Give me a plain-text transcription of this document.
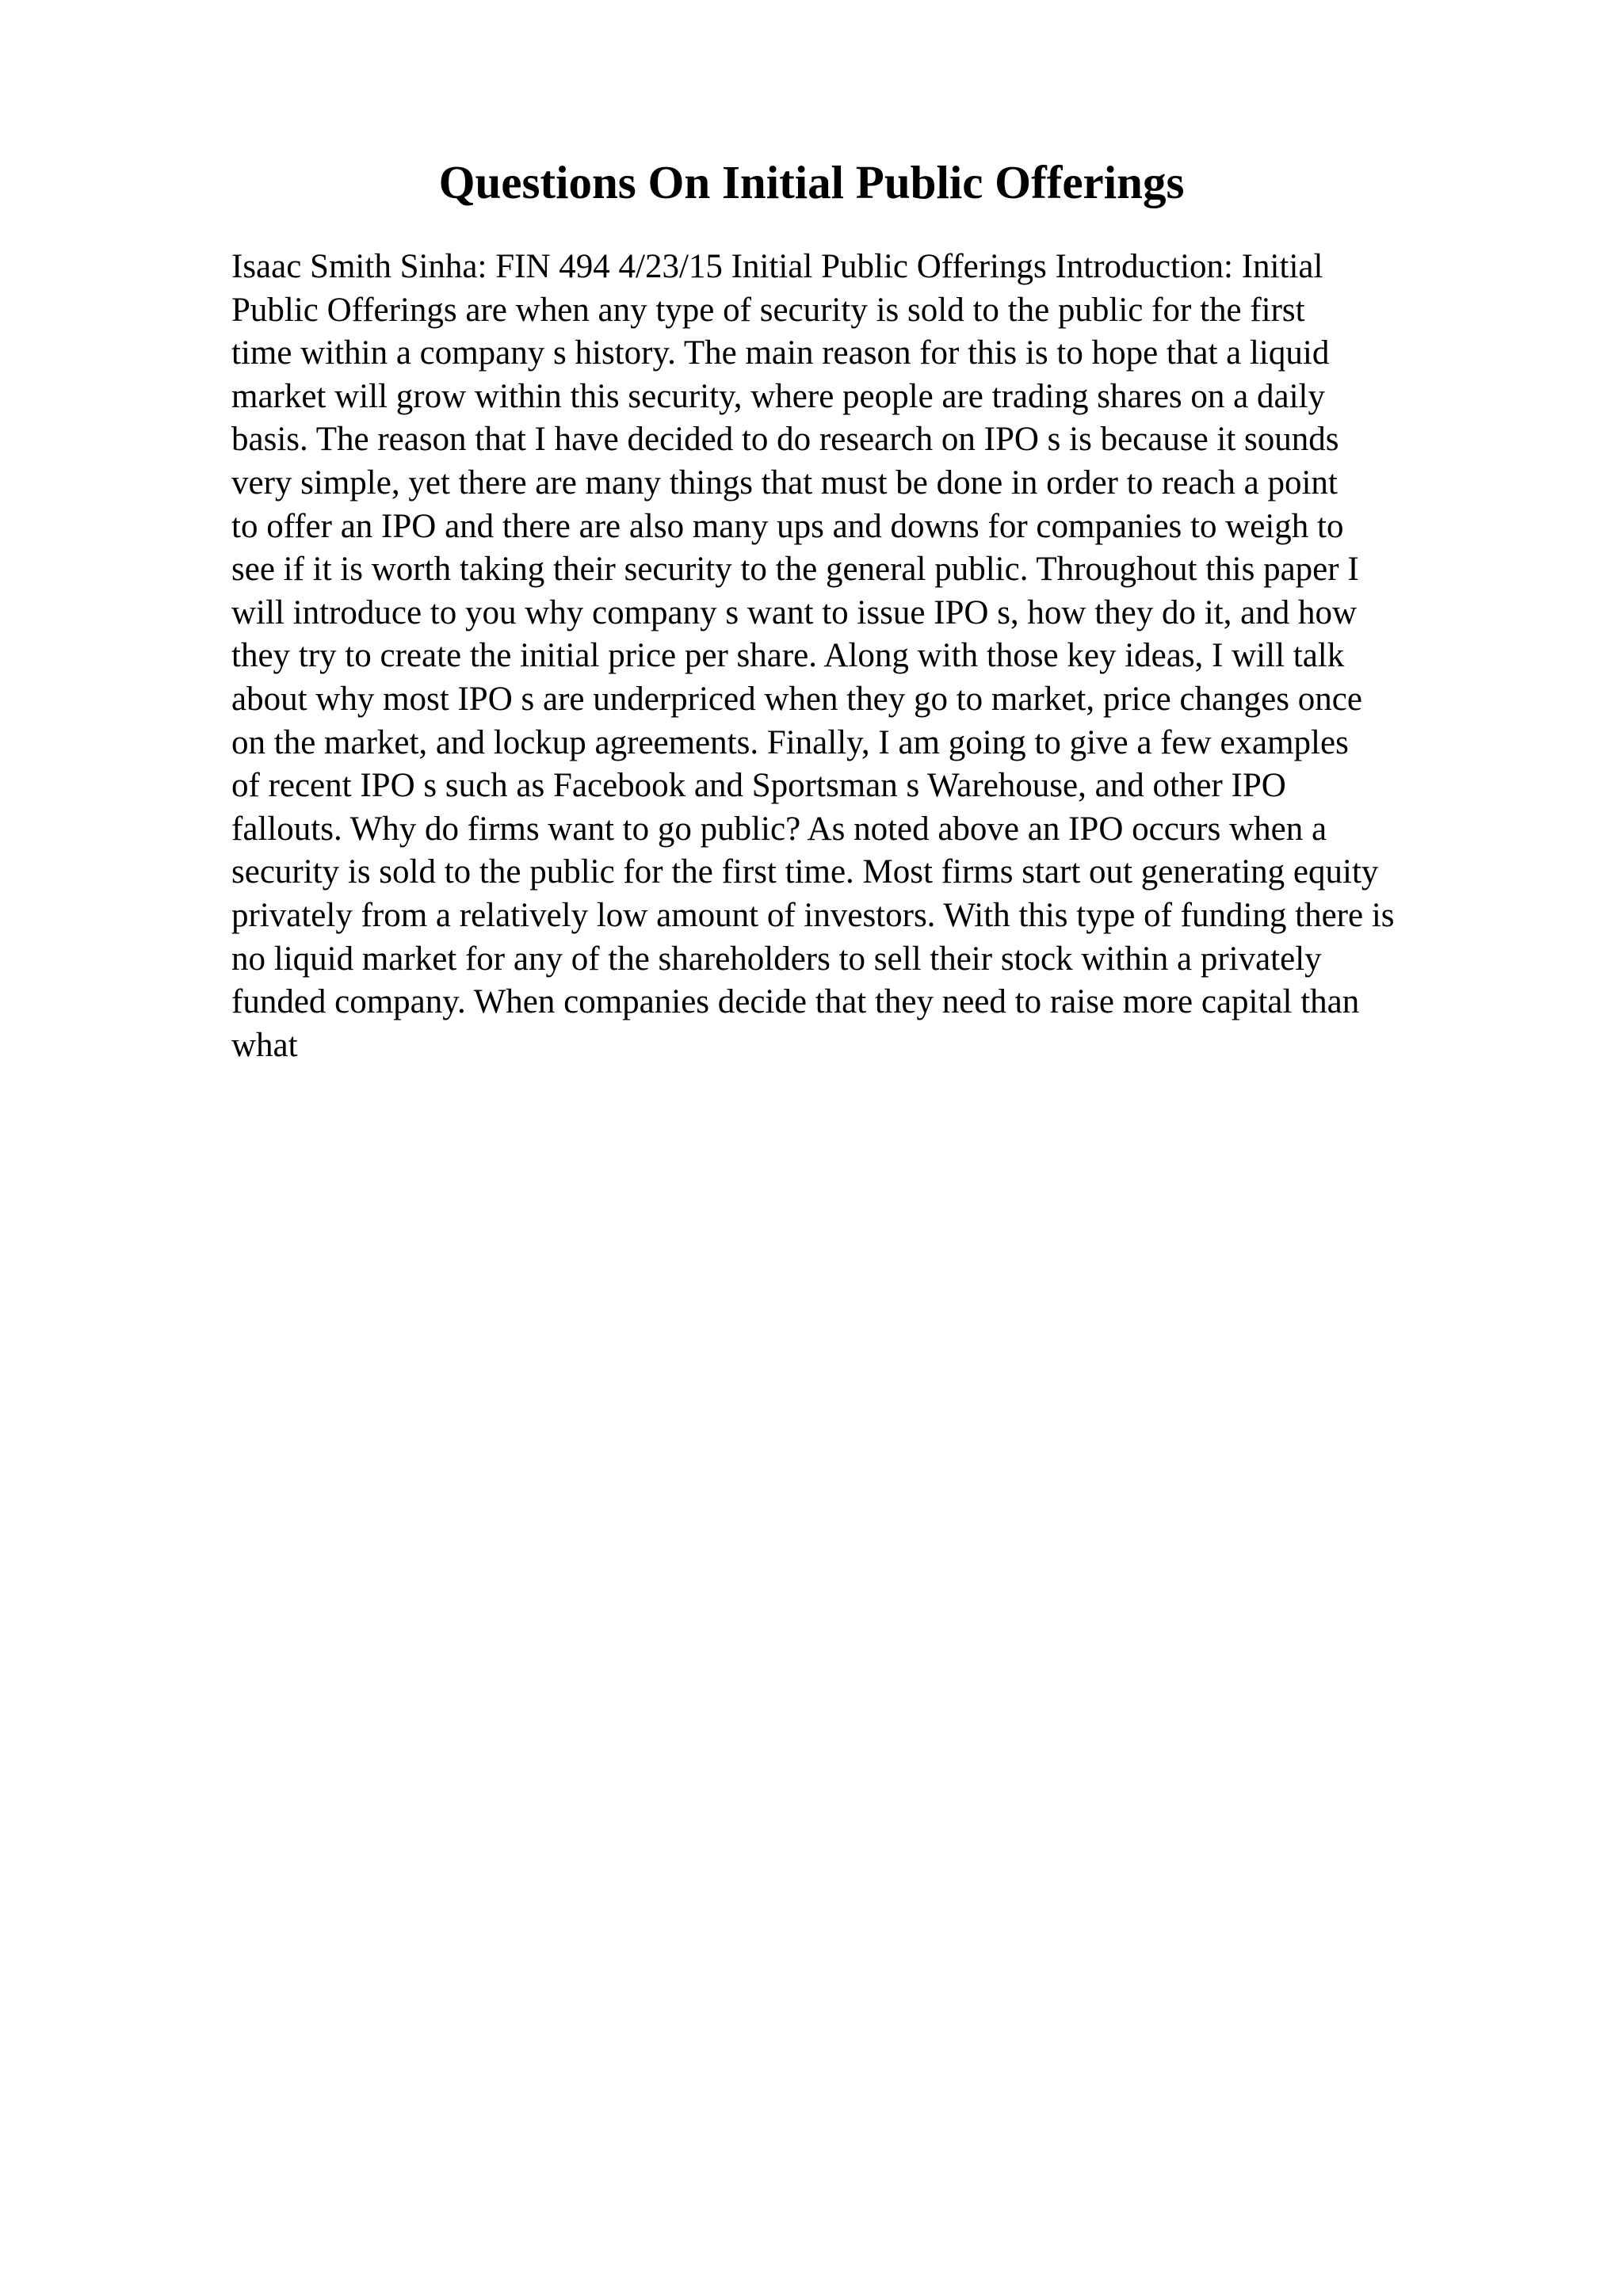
Questions On Initial Public Offerings
Isaac Smith Sinha: FIN 494 4/23/15 Initial Public Offerings Introduction: Initial
Public Offerings are when any type of security is sold to the public for the first
time within a company s history. The main reason for this is to hope that a liquid
market will grow within this security, where people are trading shares on a daily
basis. The reason that I have decided to do research on IPO s is because it sounds
very simple, yet there are many things that must be done in order to reach a point
to offer an IPO and there are also many ups and downs for companies to weigh to
see if it is worth taking their security to the general public. Throughout this paper I
will introduce to you why company s want to issue IPO s, how they do it, and how
they try to create the initial price per share. Along with those key ideas, I will talk
about why most IPO s are underpriced when they go to market, price changes once
on the market, and lockup agreements. Finally, I am going to give a few examples
of recent IPO s such as Facebook and Sportsman s Warehouse, and other IPO
fallouts. Why do firms want to go public? As noted above an IPO occurs when a
security is sold to the public for the first time. Most firms start out generating equity
privately from a relatively low amount of investors. With this type of funding there is
no liquid market for any of the shareholders to sell their stock within a privately
funded company. When companies decide that they need to raise more capital than
what
